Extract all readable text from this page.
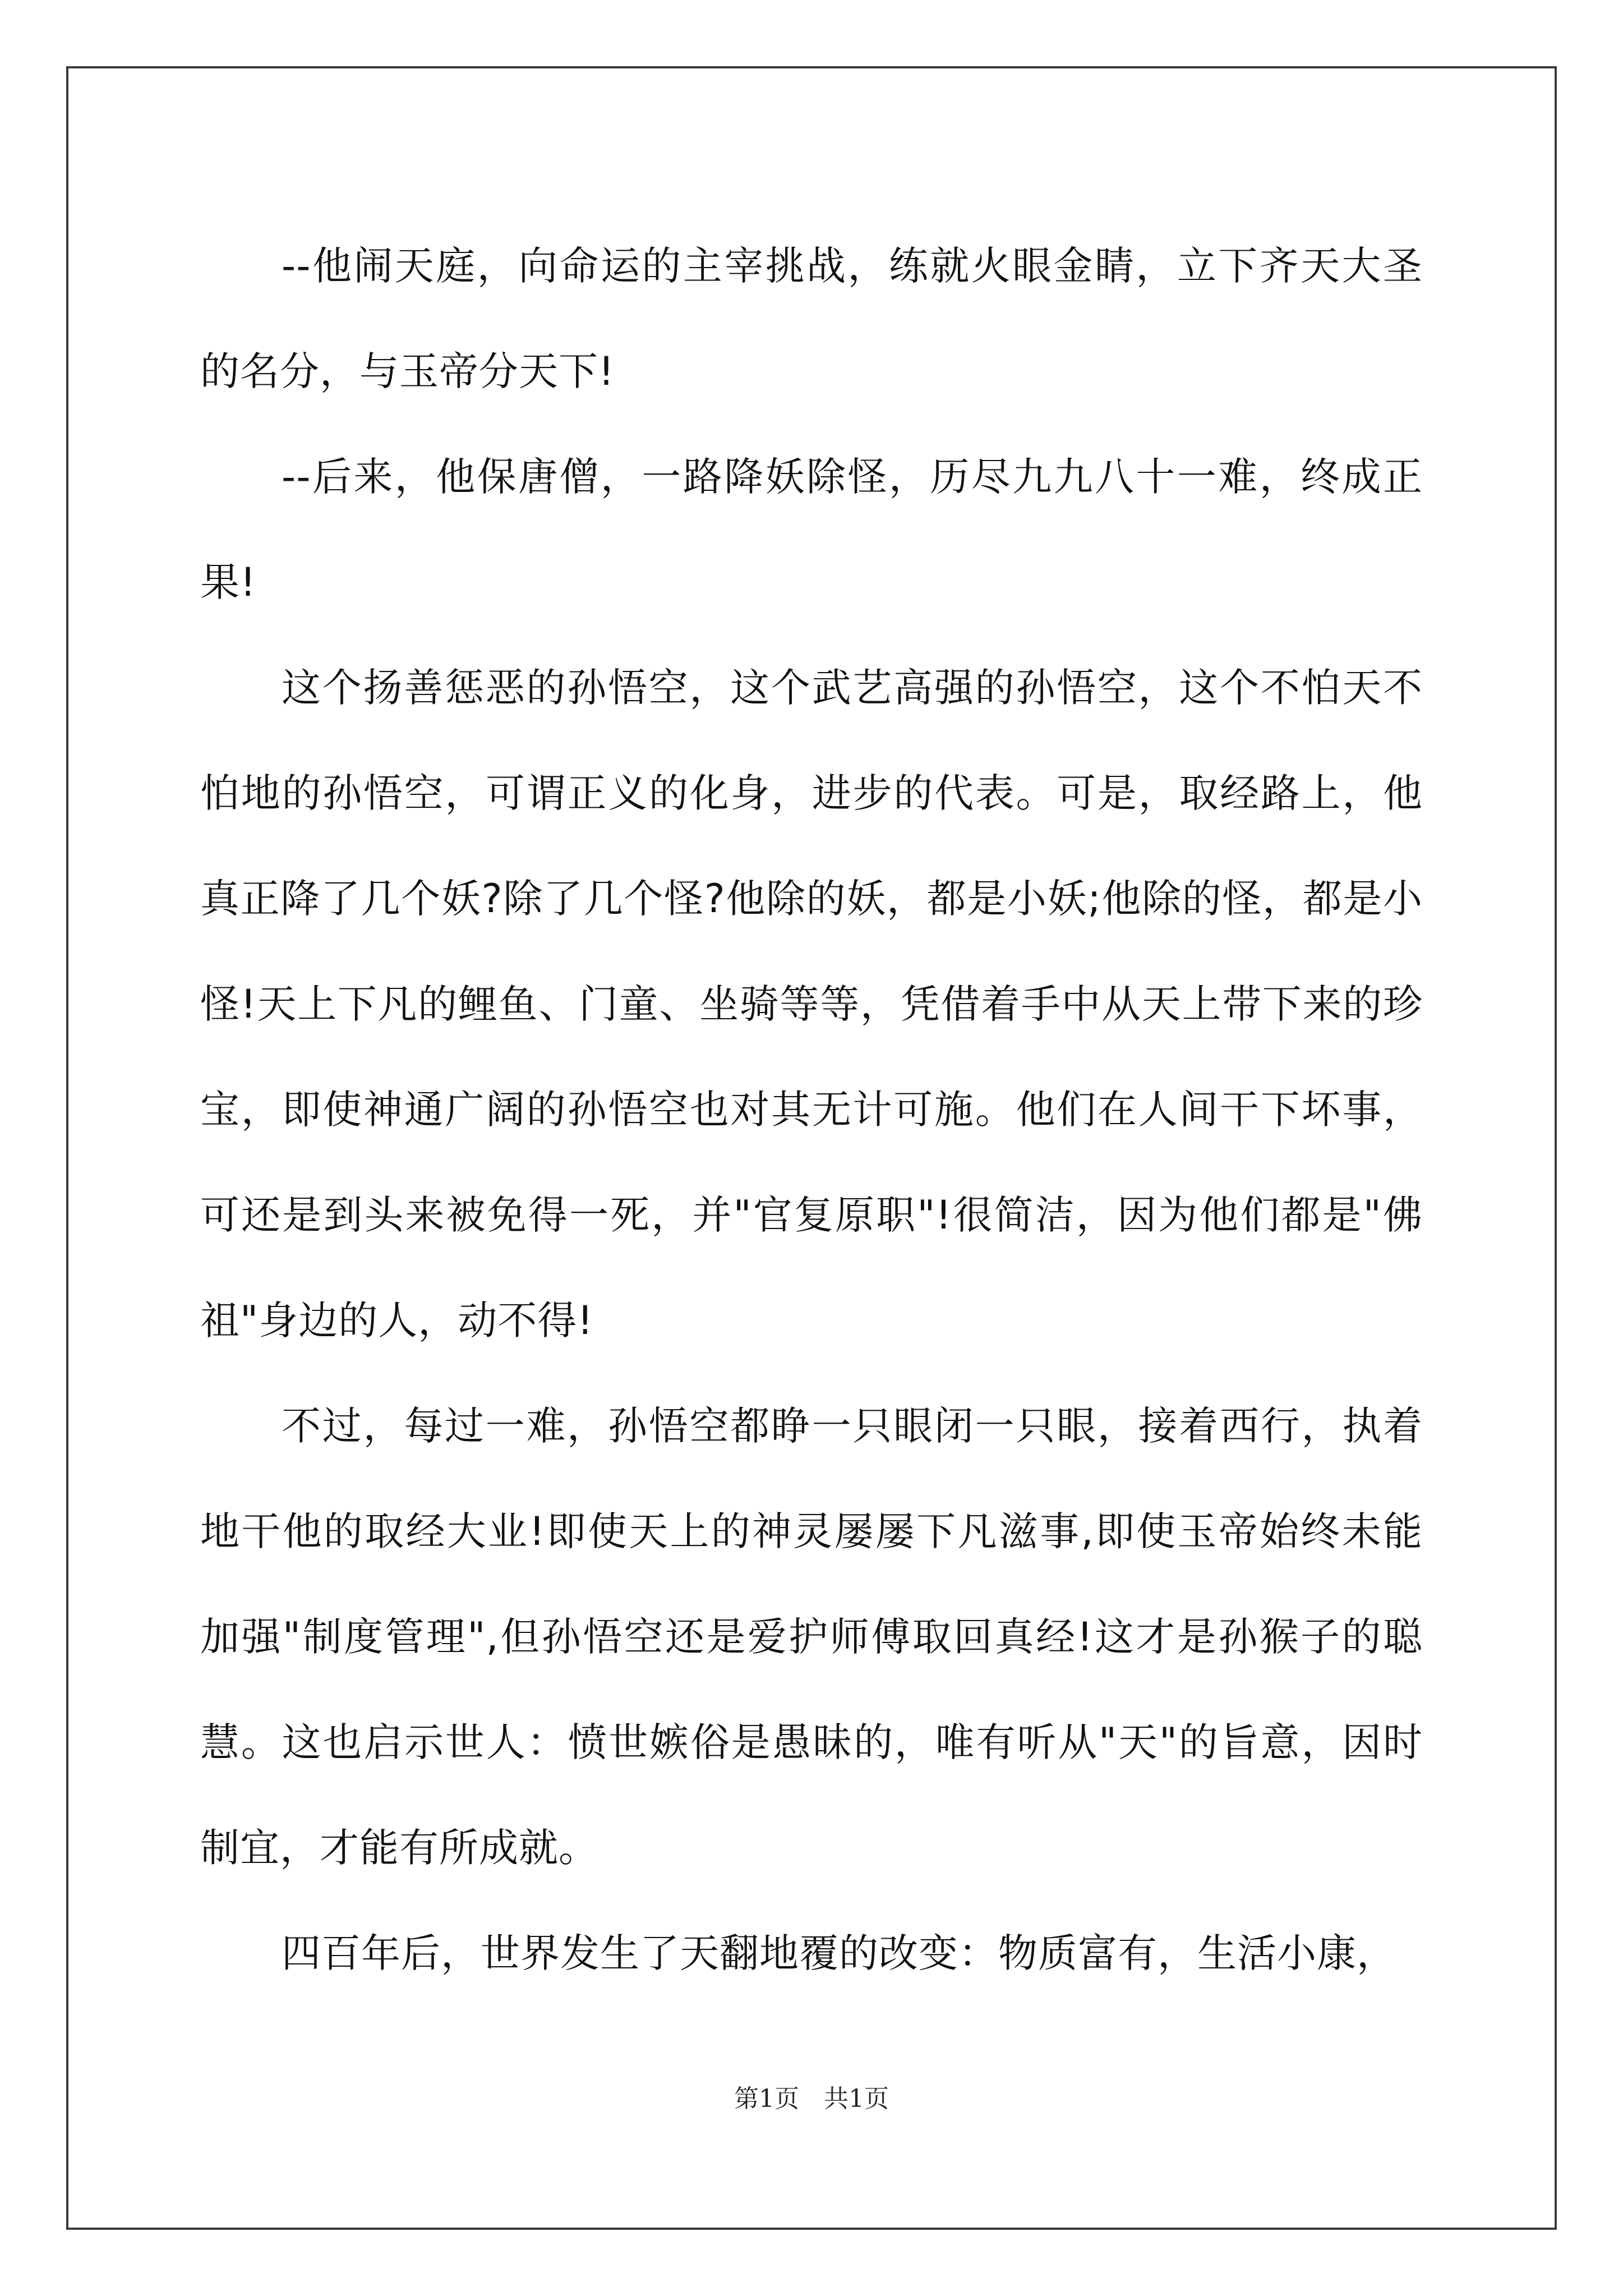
--他闹天庭，向命运的主宰挑战，练就火眼金睛，立下齐天大圣的名分，与玉帝分天下!

--后来，他保唐僧，一路降妖除怪，历尽九九八十一难，终成正果!

这个扬善惩恶的孙悟空，这个武艺高强的孙悟空，这个不怕天不怕地的孙悟空，可谓正义的化身，进步的代表。可是，取经路上，他真正降了几个妖?除了几个怪?他除的妖，都是小妖;他除的怪，都是小怪!天上下凡的鲤鱼、门童、坐骑等等，凭借着手中从天上带下来的珍宝，即使神通广阔的孙悟空也对其无计可施。他们在人间干下坏事，可还是到头来被免得一死，并"官复原职"!很简洁，因为他们都是"佛祖"身边的人，动不得!

不过，每过一难，孙悟空都睁一只眼闭一只眼，接着西行，执着地干他的取经大业!即使天上的神灵屡屡下凡滋事,即使玉帝始终未能加强"制度管理",但孙悟空还是爱护师傅取回真经!这才是孙猴子的聪慧。这也启示世人：愤世嫉俗是愚昧的，唯有听从"天"的旨意，因时制宜，才能有所成就。

四百年后，世界发生了天翻地覆的改变：物质富有，生活小康，

第1页 共1页
